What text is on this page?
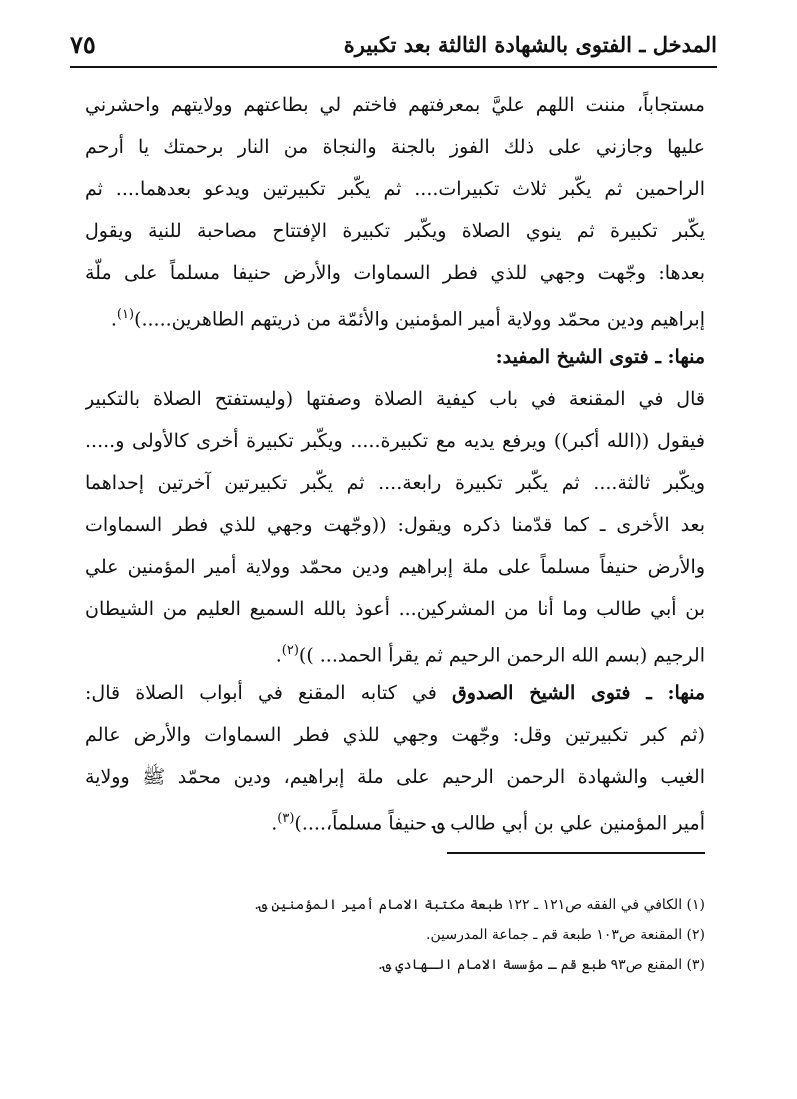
المدخل ـ الفتوى بالشهادة الثالثة بعد تكبيرة
٧٥
مستجاباً، مننت اللهم عليَّ بمعرفتهم فاختم لي بطاعتهم وولايتهم واحشرني
عليها وجازني على ذلك الفوز بالجنة والنجاة من النار برحمتك يا أرحم
الراحمين ثم يكّبر ثلاث تكبيرات.... ثم يكّبر تكبيرتين ويدعو بعدهما.... ثم
يكّبر تكبيرة ثم ينوي الصلاة ويكّبر تكبيرة الإفتتاح مصاحبة للنية ويقول
بعدها: وجّهت وجهي للذي فطر السماوات والأرض حنيفا مسلماً على ملّة
إبراهيم ودين محمّد وولاية أمير المؤمنين والأئمّة من ذريتهم الطاهرين.....)$^{(١)}$.
منها: ـ فتوى الشيخ المفيد:
قال في المقنعة في باب كيفية الصلاة وصفتها (وليستفتح الصلاة بالتكبير
فيقول ((الله أكبر)) ويرفع يديه مع تكبيرة..... ويكّبر تكبيرة أخرى كالأولى و.....
ويكّبر ثالثة.... ثم يكّبر تكبيرة رابعة.... ثم يكّبر تكبيرتين آخرتين إحداهما
بعد الأخرى ـ كما قدّمنا ذكره ويقول: ((وجّهت وجهي للذي فطر السماوات
والأرض حنيفاً مسلماً على ملة إبراهيم ودين محمّد وولاية أمير المؤمنين علي
بن أبي طالب وما أنا من المشركين... أعوذ بالله السميع العليم من الشيطان
الرجيم (بسم الله الرحمن الرحيم ثم يقرأ الحمد... ))$^{(٢)}$.
منها: ـ فتوى الشيخ الصدوق في كتابه المقنع في أبواب الصلاة قال:
(ثم كبر تكبيرتين وقل: وجّهت وجهي للذي فطر السماوات والأرض عالم
الغيب والشهادة الرحمن الرحيم على ملة إبراهيم، ودين محمّد ﷺ وولاية
أمير المؤمنين علي بن أبي طالب ؈ حنيفاً مسلماً،....)$^{(٣)}$.
(١) الكافي في الفقه ص١٢١ ـ ١٢٢ طبعة مكتبة الامام أمير المؤمنين ؈.
(٢) المقنعة ص١٠٣ طبعة قم ـ جماعة المدرسين.
(٣) المقنع ص٩٣ طبع قم ـ مؤسسة الامام الـهادي ؈.
